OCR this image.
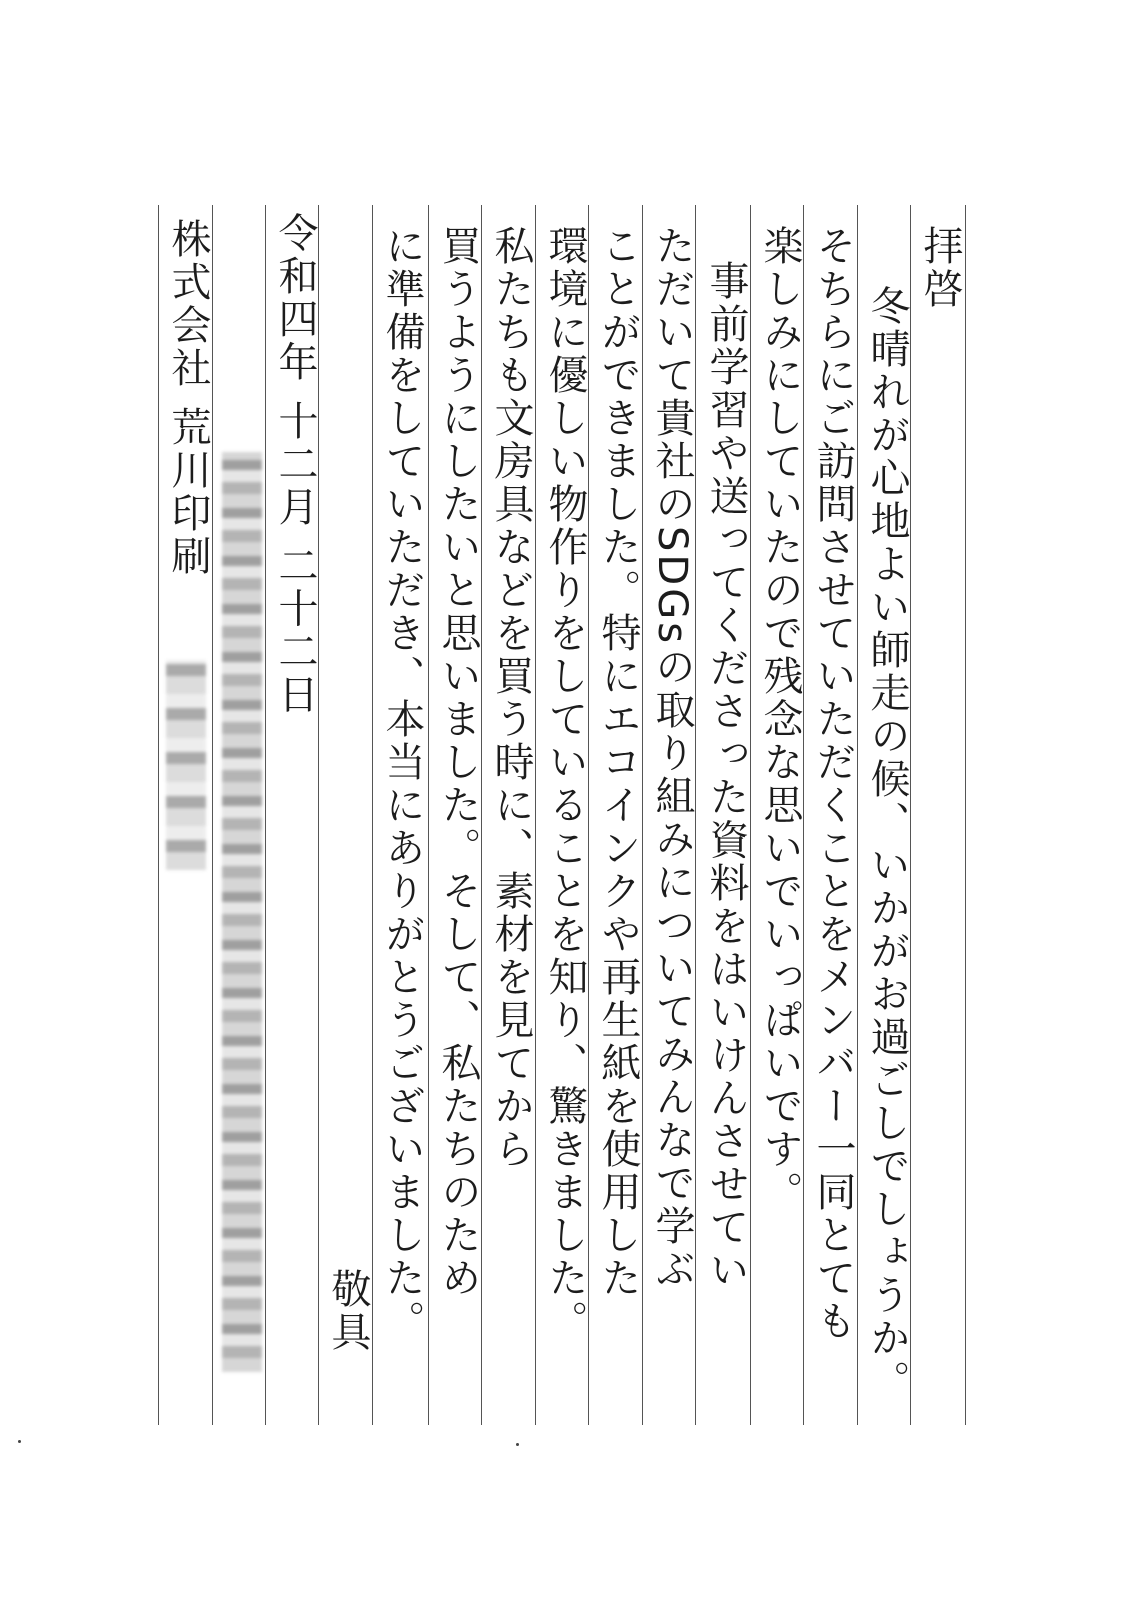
拝啓
冬晴れが心地よい師走の候、いかがお過ごしでしょうか。
そちらにご訪問させていただくことをメンバー一同とても
楽しみにしていたので残念な思いでいっぱいです。
事前学習や送ってくださった資料をはいけんさせてい
ただいて貴社のSDGsの取り組みについてみんなで学ぶ
ことができました。特にエコインクや再生紙を使用した
環境に優しい物作りをしていることを知り、驚きました。
私たちも文房具などを買う時に、素材を見てから
買うようにしたいと思いました。そして、私たちのため
に準備をしていただき、本当にありがとうございました。
敬具
令和四年 十二月 二十二日
株式会社 荒川印刷
